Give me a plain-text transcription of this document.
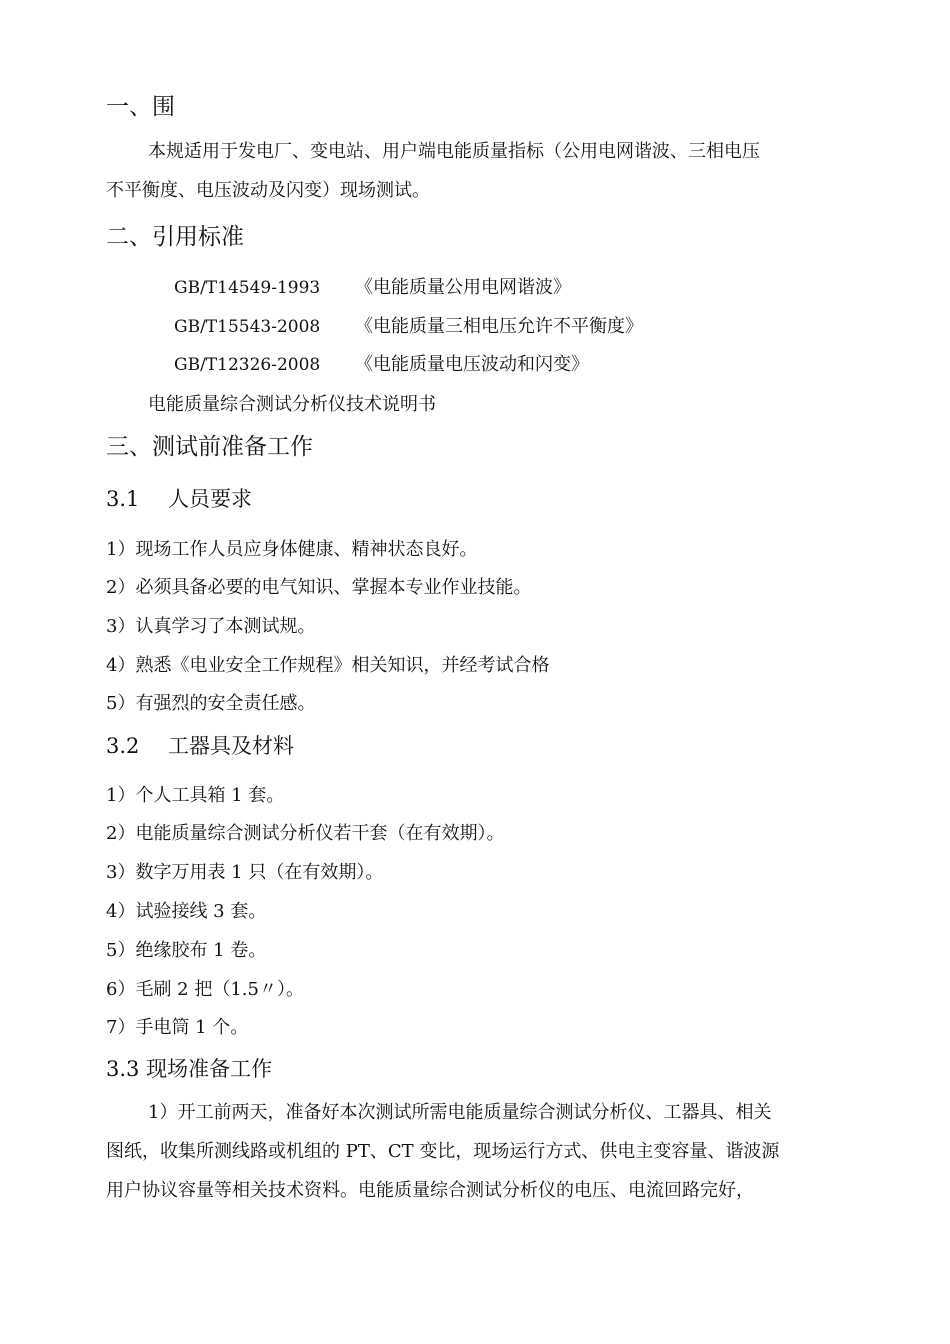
一、围
本规适用于发电厂、变电站、用户端电能质量指标（公用电网谐波、三相电压
不平衡度、电压波动及闪变）现场测试。
二、引用标准
GB/T14549-1993 《电能质量公用电网谐波》
GB/T15543-2008 《电能质量三相电压允许不平衡度》
GB/T12326-2008 《电能质量电压波动和闪变》
电能质量综合测试分析仪技术说明书
三、测试前准备工作
3.1 人员要求
1）现场工作人员应身体健康、精神状态良好。
2）必须具备必要的电气知识、掌握本专业作业技能。
3）认真学习了本测试规。
4）熟悉《电业安全工作规程》相关知识，并经考试合格
5）有强烈的安全责任感。
3.2 工器具及材料
1）个人工具箱 1 套。
2）电能质量综合测试分析仪若干套（在有效期）。
3）数字万用表 1 只（在有效期）。
4）试验接线 3 套。
5）绝缘胶布 1 卷。
6）毛刷 2 把（1.5〃）。
7）手电筒 1 个。
3.3 现场准备工作
1）开工前两天，准备好本次测试所需电能质量综合测试分析仪、工器具、相关
图纸，收集所测线路或机组的 PT、CT 变比，现场运行方式、供电主变容量、谐波源
用户协议容量等相关技术资料。电能质量综合测试分析仪的电压、电流回路完好，
